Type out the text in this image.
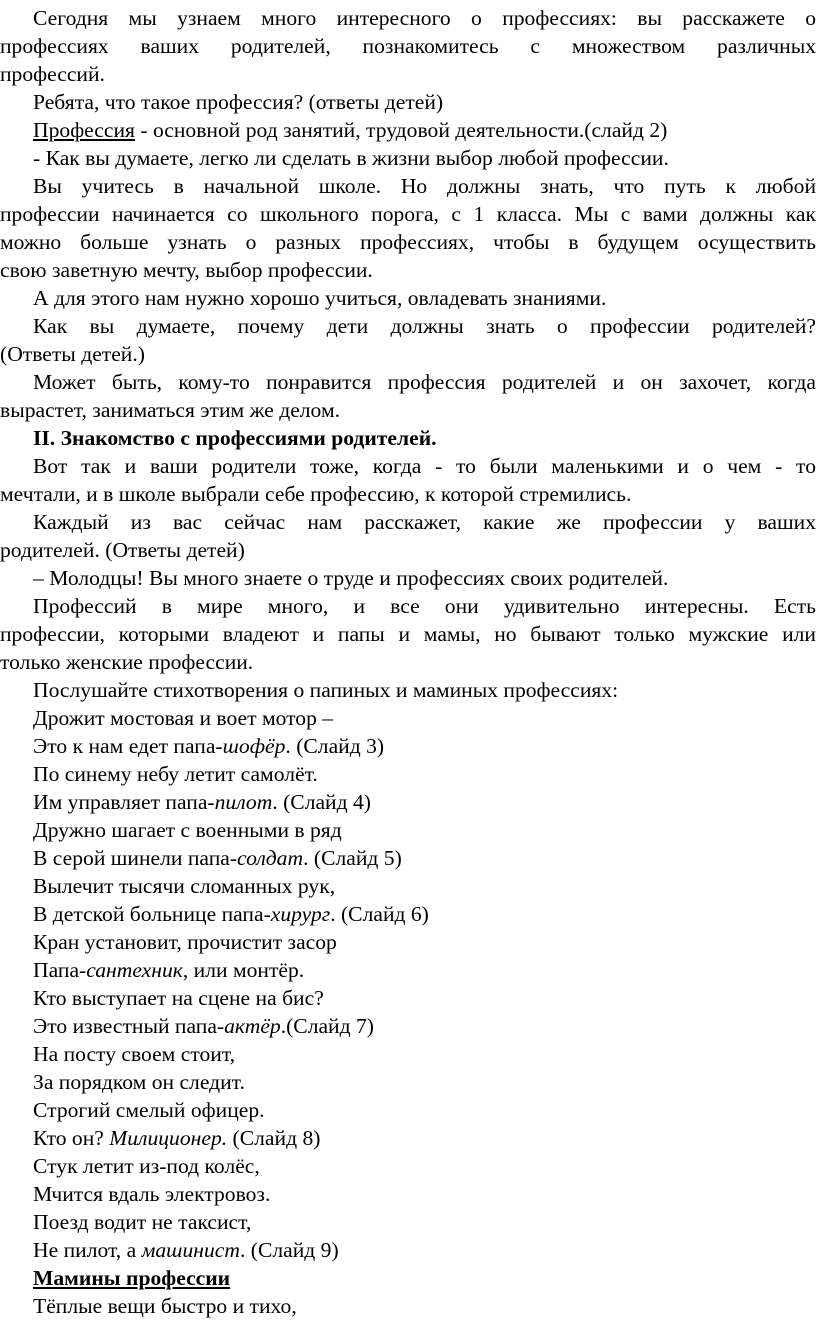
Сегодня мы узнаем много интересного о профессиях: вы расскажете о
профессиях ваших родителей, познакомитесь с множеством различных
профессий.
Ребята, что такое профессия? (ответы детей)
Профессия - основной род занятий, трудовой деятельности.(слайд 2)
- Как вы думаете, легко ли сделать в жизни выбор любой профессии.
Вы учитесь в начальной школе. Но должны знать, что путь к любой
профессии начинается со школьного порога, с 1 класса. Мы с вами должны как
можно больше узнать о разных профессиях, чтобы в будущем осуществить
свою заветную мечту, выбор профессии.
А для этого нам нужно хорошо учиться, овладевать знаниями.
Как вы думаете, почему дети должны знать о профессии родителей?
(Ответы детей.)
Может быть, кому-то понравится профессия родителей и он захочет, когда
вырастет, заниматься этим же делом.
II. Знакомство с профессиями родителей.
Вот так и ваши родители тоже, когда - то были маленькими и о чем - то
мечтали, и в школе выбрали себе профессию, к которой стремились.
Каждый из вас сейчас нам расскажет, какие же профессии у ваших
родителей. (Ответы детей)
– Молодцы! Вы много знаете о труде и профессиях своих родителей.
Профессий в мире много, и все они удивительно интересны. Есть
профессии, которыми владеют и папы и мамы, но бывают только мужские или
только женские профессии.
Послушайте стихотворения о папиных и маминых профессиях:
Дрожит мостовая и воет мотор –
Это к нам едет папа-шофёр. (Слайд 3)
По синему небу летит самолёт.
Им управляет папа-пилот. (Слайд 4)
Дружно шагает с военными в ряд
В серой шинели папа-солдат. (Слайд 5)
Вылечит тысячи сломанных рук,
В детской больнице папа-хирург. (Слайд 6)
Кран установит, прочистит засор
Папа-сантехник, или монтёр.
Кто выступает на сцене на бис?
Это известный папа-актёр.(Слайд 7)
На посту своем стоит,
За порядком он следит.
Строгий смелый офицер.
Кто он? Милиционер. (Слайд 8)
Стук летит из-под колёс,
Мчится вдаль электровоз.
Поезд водит не таксист,
Не пилот, а машинист. (Слайд 9)
Мамины профессии
Тёплые вещи быстро и тихо,
